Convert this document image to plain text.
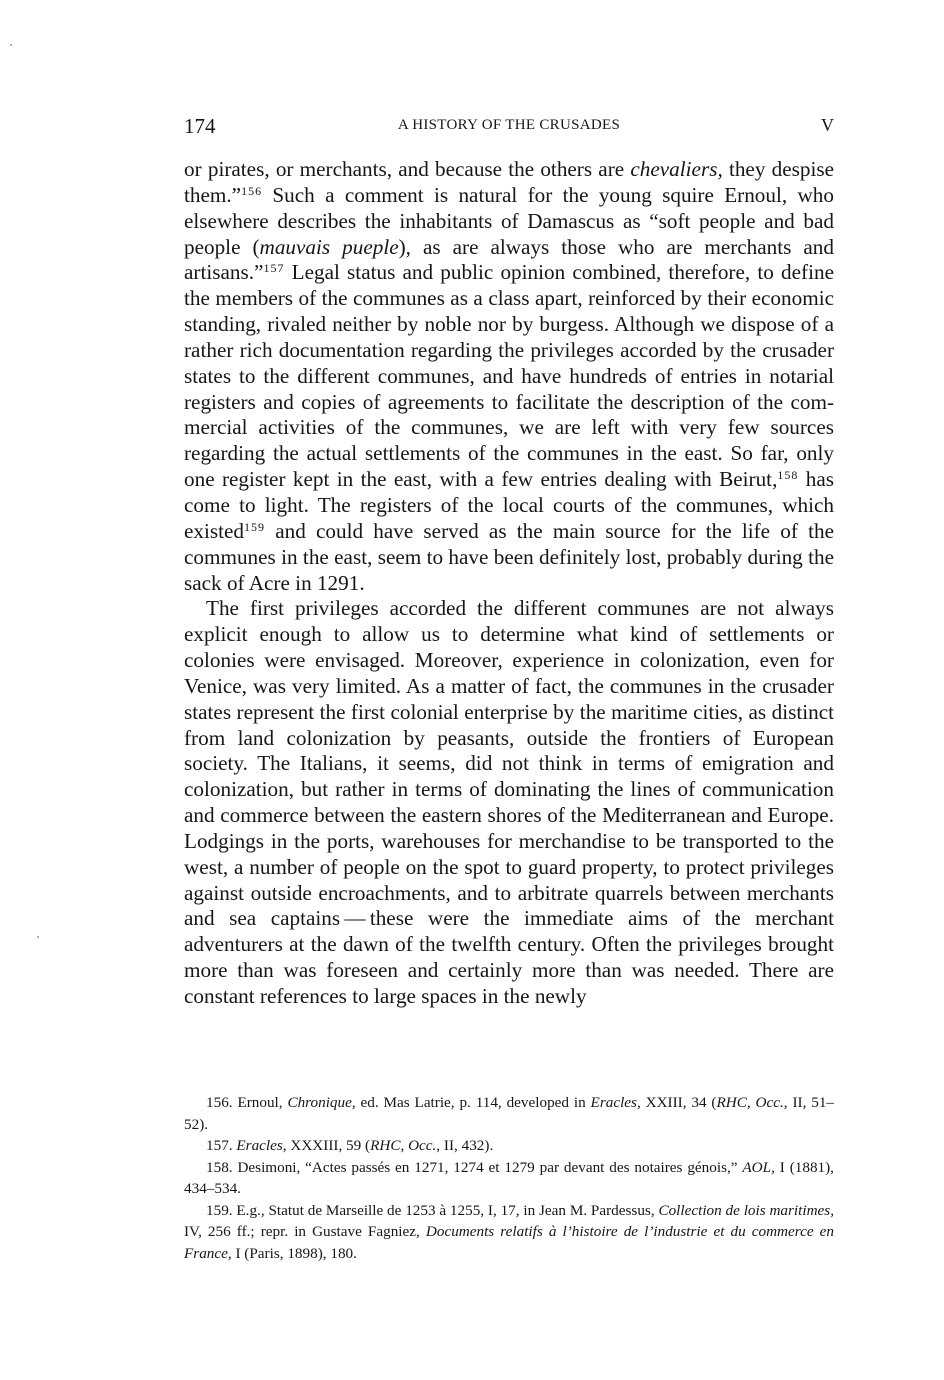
174	A HISTORY OF THE CRUSADES	V

or pirates, or merchants, and because the others are chevaliers, they despise them.”$^{156}$ Such a comment is natural for the young squire Ernoul, who elsewhere describes the inhabitants of Damascus as “soft people and bad people (mauvais pueple), as are always those who are merchants and artisans.”$^{157}$ Legal status and public opinion combined, therefore, to define the members of the communes as a class apart, reinforced by their economic standing, rivaled neither by noble nor by burgess. Although we dispose of a rather rich documentation regarding the privileges accorded by the crusader states to the different communes, and have hundreds of entries in notarial registers and copies of agreements to facilitate the description of the commercial activities of the communes, we are left with very few sources regarding the actual settlements of the communes in the east. So far, only one register kept in the east, with a few entries dealing with Beirut,$^{158}$ has come to light. The registers of the local courts of the communes, which existed$^{159}$ and could have served as the main source for the life of the communes in the east, seem to have been definitely lost, probably during the sack of Acre in 1291.

The first privileges accorded the different communes are not always explicit enough to allow us to determine what kind of settlements or colonies were envisaged. Moreover, experience in colonization, even for Venice, was very limited. As a matter of fact, the communes in the crusader states represent the first colonial enterprise by the maritime cities, as distinct from land colonization by peasants, outside the frontiers of European society. The Italians, it seems, did not think in terms of emigration and colonization, but rather in terms of dominating the lines of communication and commerce between the eastern shores of the Mediterranean and Europe. Lodgings in the ports, warehouses for merchandise to be transported to the west, a number of people on the spot to guard property, to protect privileges against outside encroachments, and to arbitrate quarrels between merchants and sea captains — these were the immediate aims of the merchant adventurers at the dawn of the twelfth century. Often the privileges brought more than was foreseen and certainly more than was needed. There are constant references to large spaces in the newly

156. Ernoul, Chronique, ed. Mas Latrie, p. 114, developed in Eracles, XXIII, 34 (RHC, Occ., II, 51–52).

157. Eracles, XXXIII, 59 (RHC, Occ., II, 432).

158. Desimoni, “Actes passés en 1271, 1274 et 1279 par devant des notaires génois,” AOL, I (1881), 434–534.

159. E.g., Statut de Marseille de 1253 à 1255, I, 17, in Jean M. Pardessus, Collection de lois maritimes, IV, 256 ff.; repr. in Gustave Fagniez, Documents relatifs à l’histoire de l’industrie et du commerce en France, I (Paris, 1898), 180.
